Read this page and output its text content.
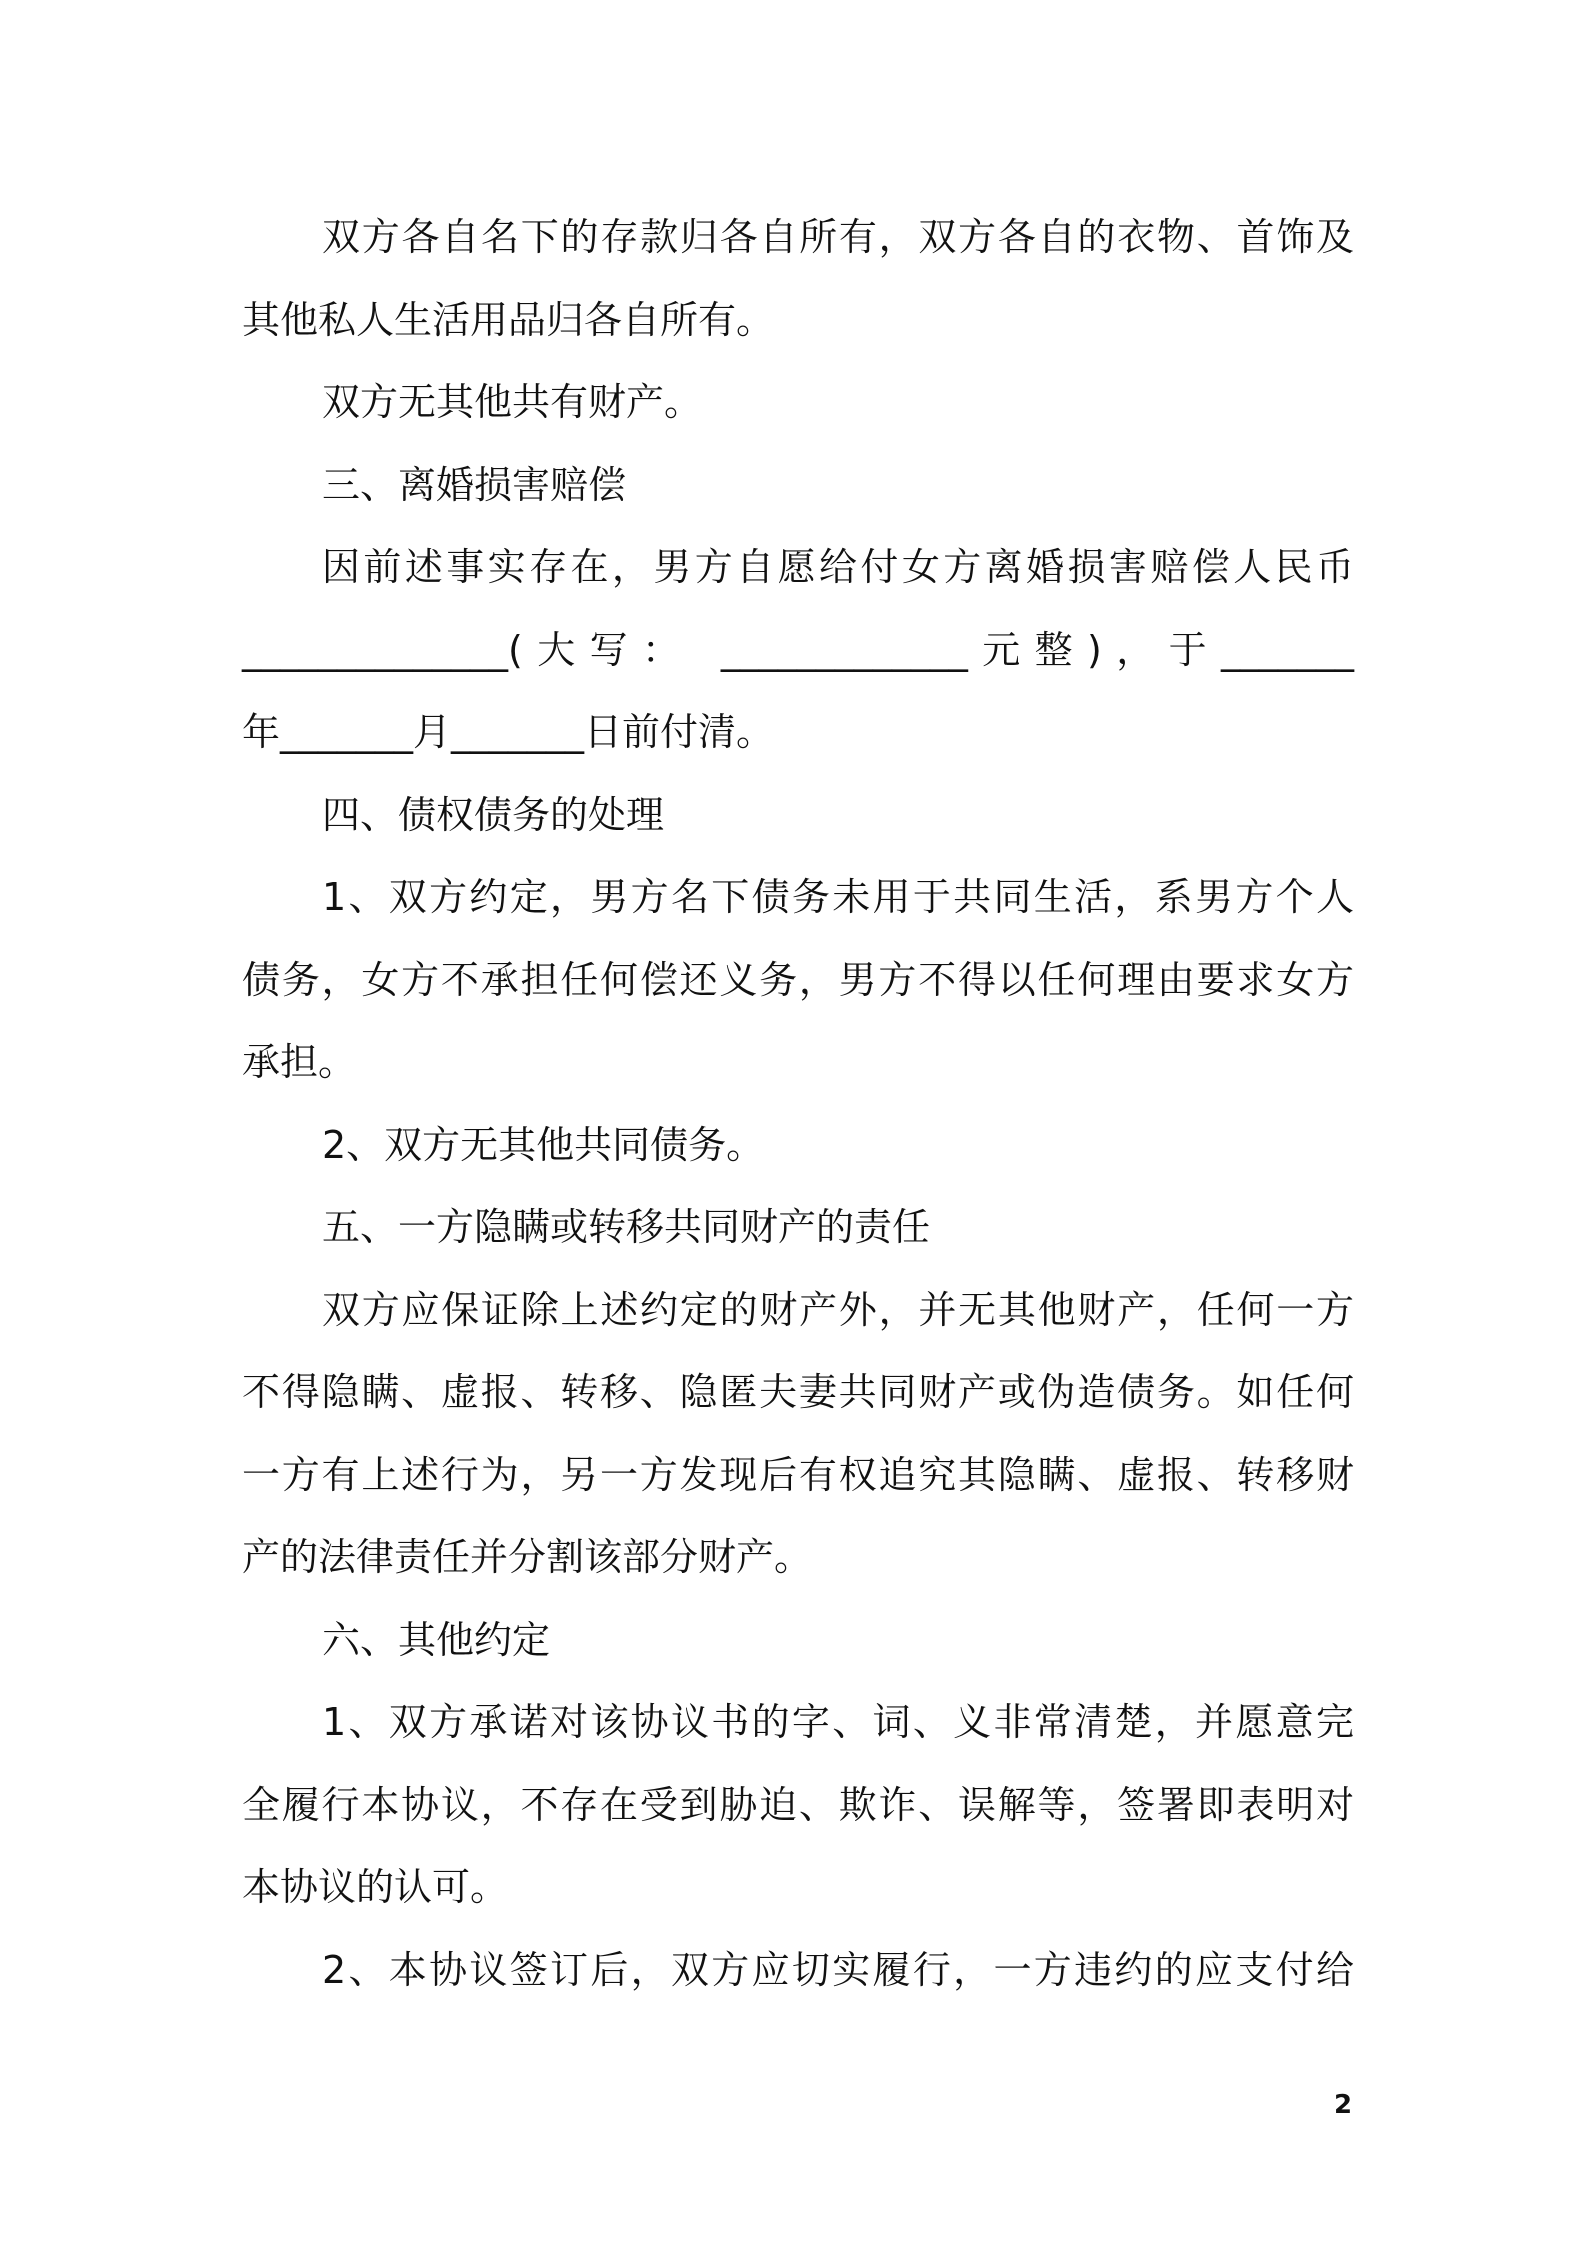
双方各自名下的存款归各自所有，双方各自的衣物、首饰及

其他私人生活用品归各自所有。

双方无其他共有财产。

三、离婚损害赔偿

因前述事实存在，男方自愿给付女方离婚损害赔偿人民币

______________(大写： _____________元整)，于_______

年_______月_______日前付清。

四、债权债务的处理

1、双方约定，男方名下债务未用于共同生活，系男方个人

债务，女方不承担任何偿还义务，男方不得以任何理由要求女方

承担。

2、双方无其他共同债务。

五、一方隐瞒或转移共同财产的责任

双方应保证除上述约定的财产外，并无其他财产，任何一方

不得隐瞒、虚报、转移、隐匿夫妻共同财产或伪造债务。如任何

一方有上述行为，另一方发现后有权追究其隐瞒、虚报、转移财

产的法律责任并分割该部分财产。

六、其他约定

1、双方承诺对该协议书的字、词、义非常清楚，并愿意完

全履行本协议，不存在受到胁迫、欺诈、误解等，签署即表明对

本协议的认可。

2、本协议签订后，双方应切实履行，一方违约的应支付给

2
